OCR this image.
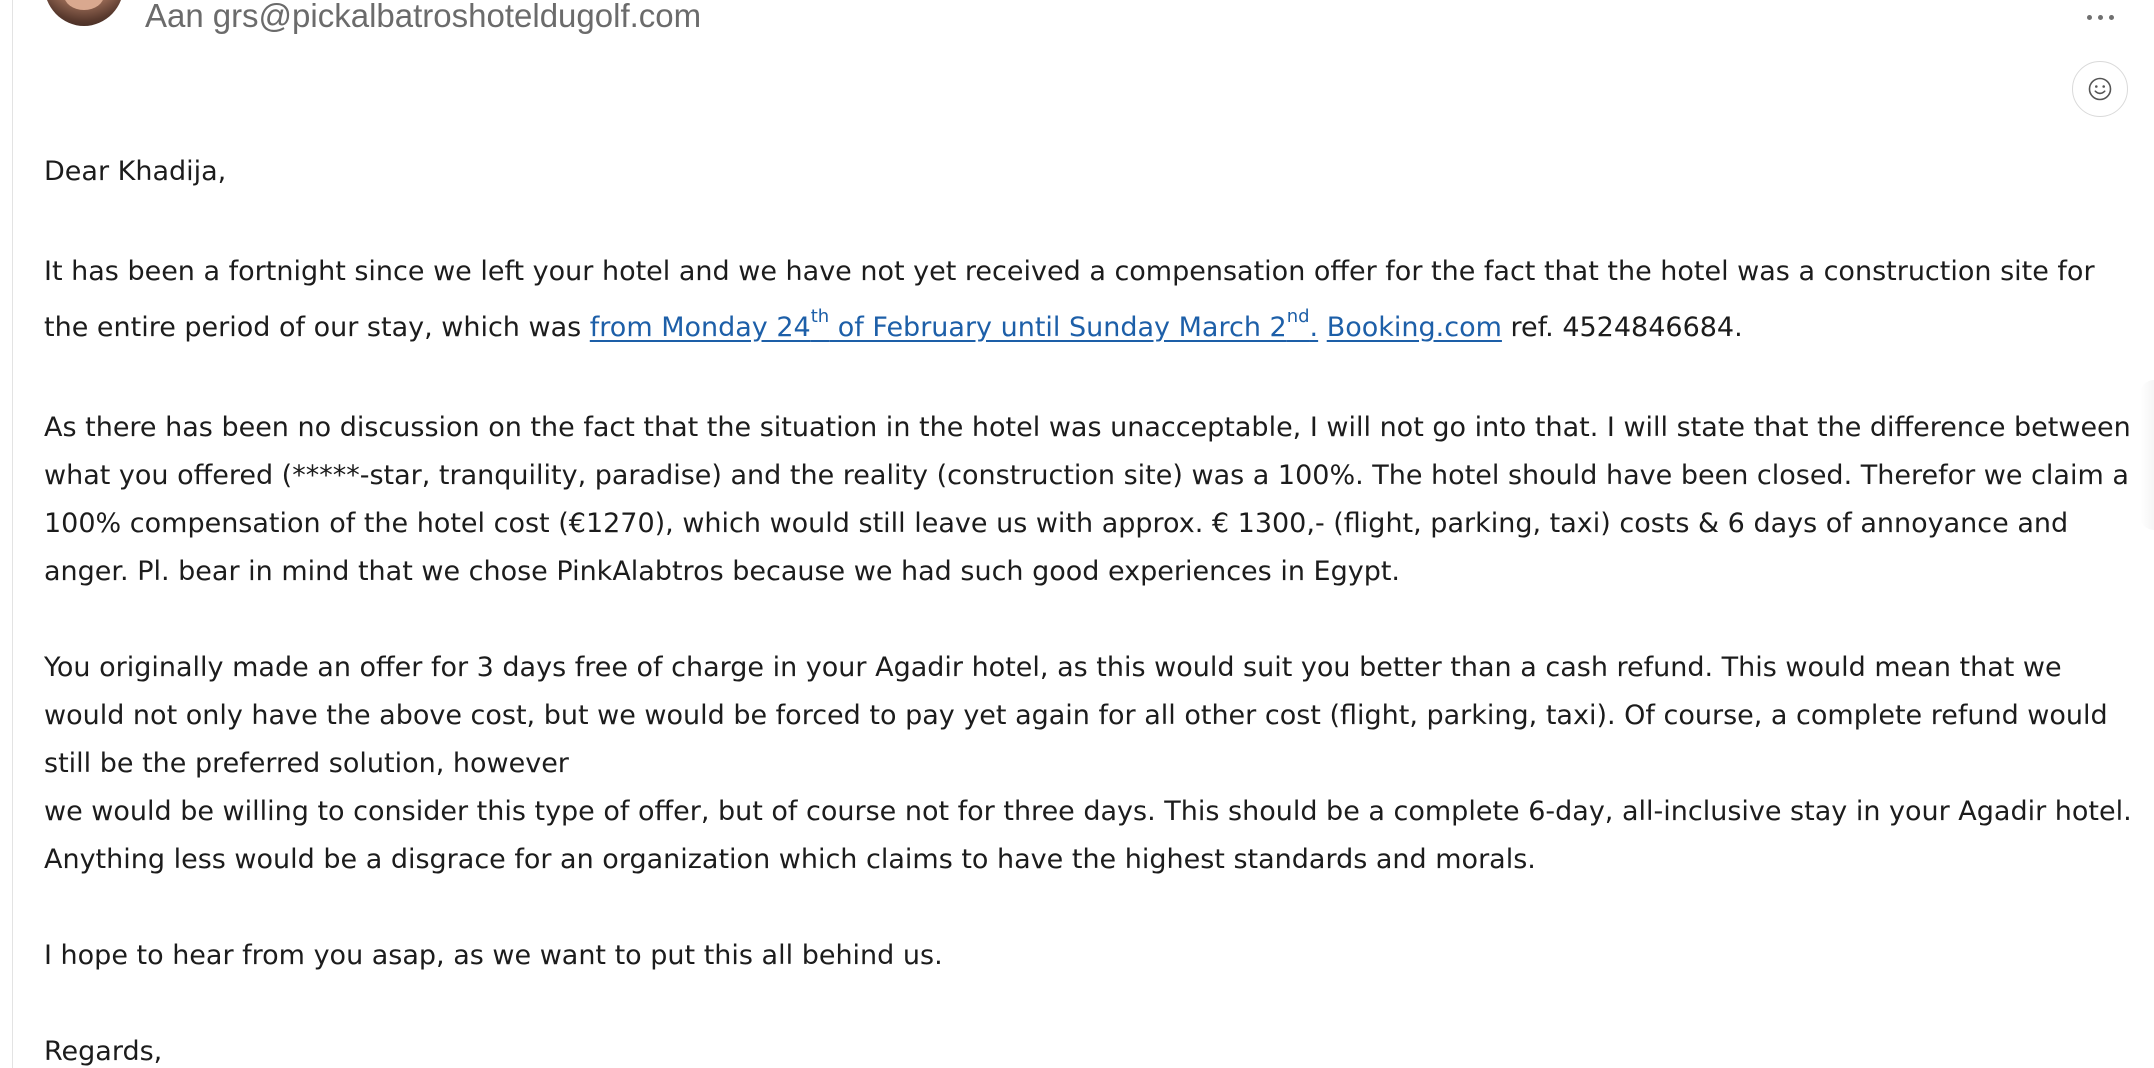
Aan grs@pickalbatroshoteldugolf.com

Dear Khadija,

It has been a fortnight since we left your hotel and we have not yet received a compensation offer for the fact that the hotel was a construction site for the entire period of our stay, which was from Monday 24th of February until Sunday March 2nd. Booking.com ref. 4524846684.

As there has been no discussion on the fact that the situation in the hotel was unacceptable, I will not go into that. I will state that the difference between what you offered (*****-star, tranquility, paradise) and the reality (construction site) was a 100%. The hotel should have been closed. Therefor we claim a 100% compensation of the hotel cost (€1270), which would still leave us with approx. € 1300,- (flight, parking, taxi) costs & 6 days of annoyance and anger. Pl. bear in mind that we chose PinkAlabtros because we had such good experiences in Egypt.

You originally made an offer for 3 days free of charge in your Agadir hotel, as this would suit you better than a cash refund. This would mean that we would not only have the above cost, but we would be forced to pay yet again for all other cost (flight, parking, taxi). Of course, a complete refund would still be the preferred solution, however

we would be willing to consider this type of offer, but of course not for three days. This should be a complete 6-day, all-inclusive stay in your Agadir hotel. Anything less would be a disgrace for an organization which claims to have the highest standards and morals.

I hope to hear from you asap, as we want to put this all behind us.

Regards,
